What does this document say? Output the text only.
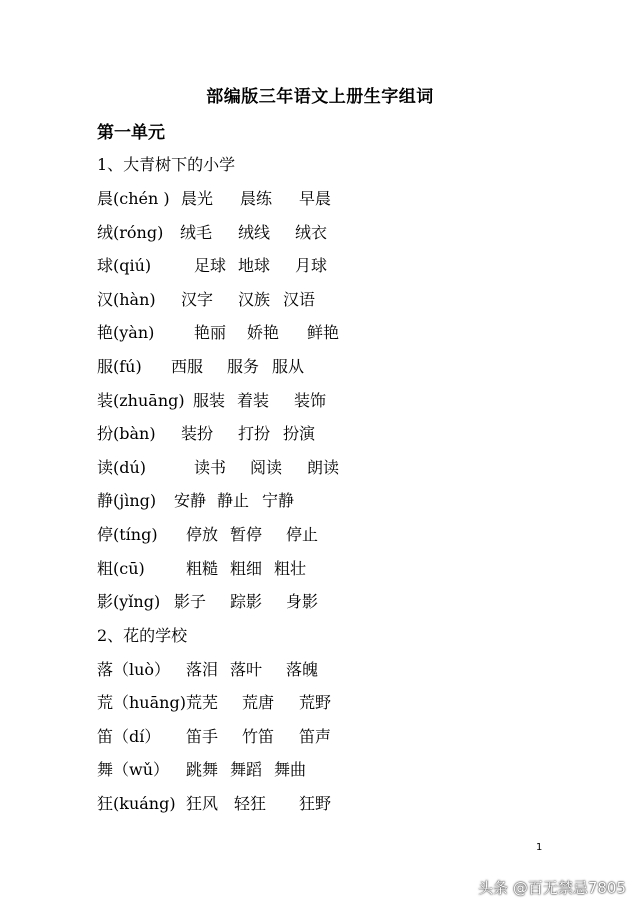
部编版三年语文上册生字组词
第一单元
1、大青树下的小学
晨(chén ) 晨光 晨练 早晨
绒(róng) 绒毛 绒线 绒衣
球(qiú)	足球 地球 月球
汉(hàn) 汉字 汉族 汉语
艳(yàn) 艳丽 娇艳 鲜艳
服(fú) 西服 服务 服从
装(zhuāng) 服装 着装 装饰
扮(bàn) 装扮 打扮 扮演
读(dú)	读书 阅读 朗读
静(jìng) 安静 静止 宁静
停(tíng) 停放 暂停 停止
粗(cū)	粗糙 粗细 粗壮
影(yǐng) 影子 踪影 身影
2、花的学校
落（luò） 落泪 落叶 落魄
荒（huāng) 荒芜 荒唐 荒野
笛（dí） 笛手 竹笛 笛声
舞（wǔ） 跳舞 舞蹈 舞曲
狂(kuáng) 狂风 轻狂 狂野
1
头条 @百无禁忌7805
